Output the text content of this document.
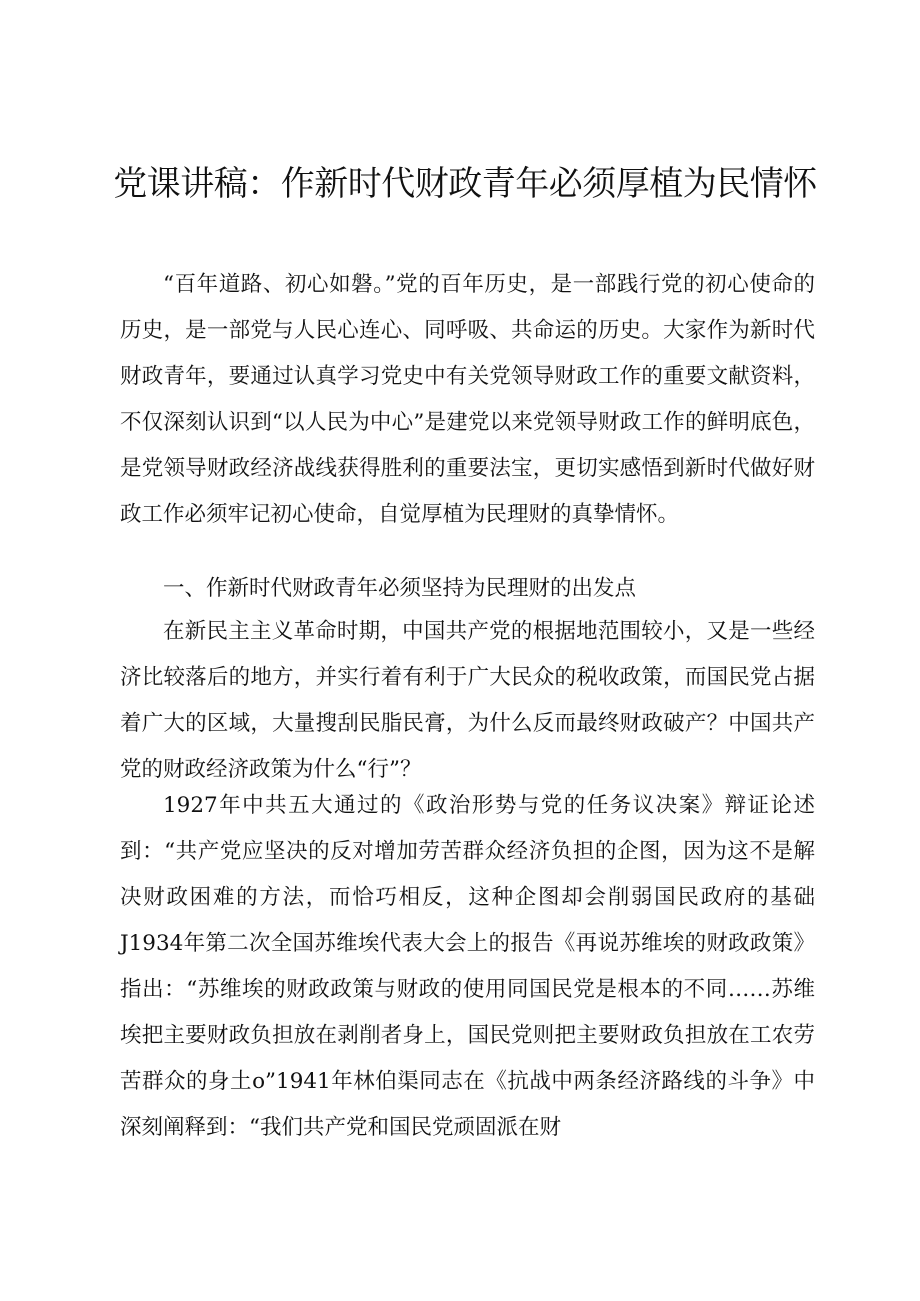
党课讲稿：作新时代财政青年必须厚植为民情怀

“百年道路、初心如磐。”党的百年历史，是一部践行党的初心使命的历史，是一部党与人民心连心、同呼吸、共命运的历史。大家作为新时代财政青年，要通过认真学习党史中有关党领导财政工作的重要文献资料，不仅深刻认识到“以人民为中心”是建党以来党领导财政工作的鲜明底色，是党领导财政经济战线获得胜利的重要法宝，更切实感悟到新时代做好财政工作必须牢记初心使命，自觉厚植为民理财的真挚情怀。

一、作新时代财政青年必须坚持为民理财的出发点

在新民主主义革命时期，中国共产党的根据地范围较小，又是一些经济比较落后的地方，并实行着有利于广大民众的税收政策，而国民党占据着广大的区域，大量搜刮民脂民膏，为什么反而最终财政破产？中国共产党的财政经济政策为什么“行”？

1927年中共五大通过的《政治形势与党的任务议决案》辩证论述到：“共产党应坚决的反对增加劳苦群众经济负担的企图，因为这不是解决财政困难的方法，而恰巧相反，这种企图却会削弱国民政府的基础J1934年第二次全国苏维埃代表大会上的报告《再说苏维埃的财政政策》指出：“苏维埃的财政政策与财政的使用同国民党是根本的不同……苏维埃把主要财政负担放在剥削者身上，国民党则把主要财政负担放在工农劳苦群众的身土o”1941年林伯渠同志在《抗战中两条经济路线的斗争》中深刻阐释到：“我们共产党和国民党顽固派在财
